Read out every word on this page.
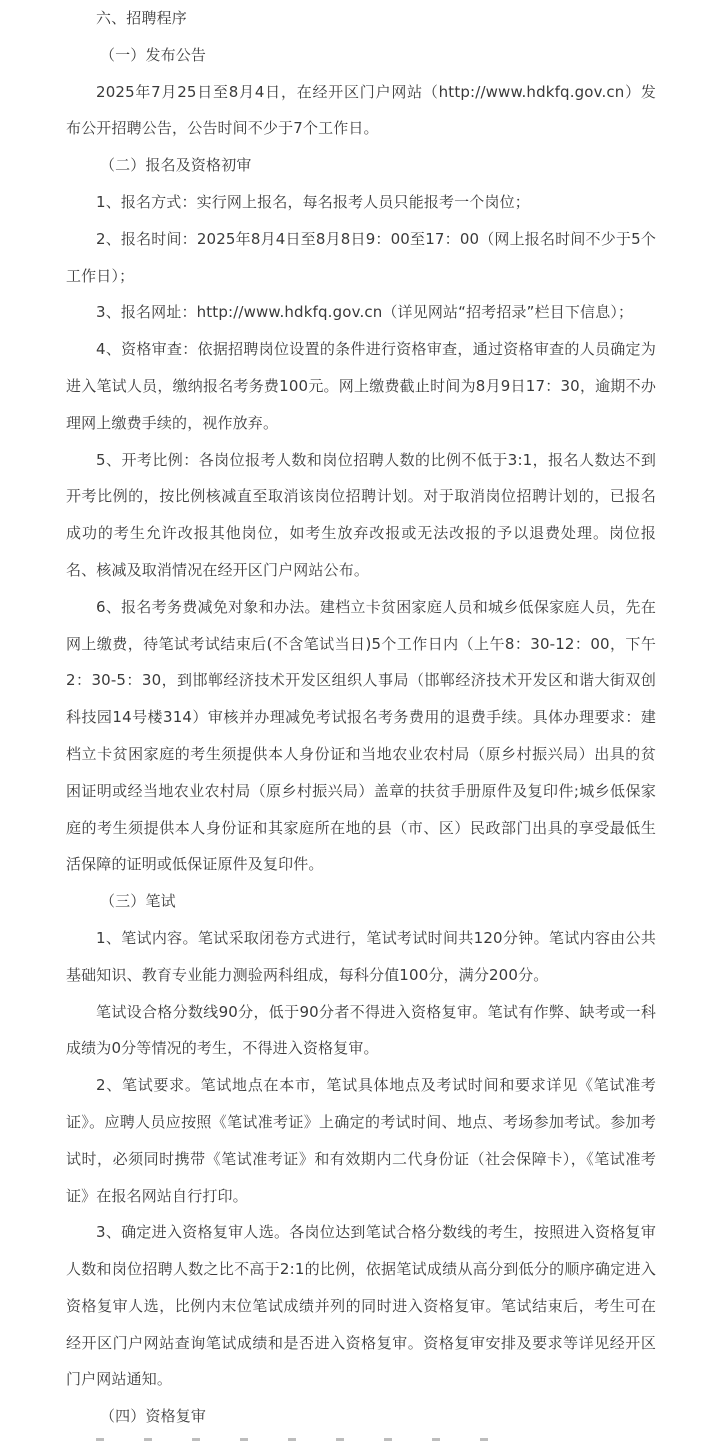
六、招聘程序

（一）发布公告

2025年7月25日至8月4日，在经开区门户网站（http://www.hdkfq.gov.cn）发布公开招聘公告，公告时间不少于7个工作日。

（二）报名及资格初审

1、报名方式：实行网上报名，每名报考人员只能报考一个岗位；

2、报名时间：2025年8月4日至8月8日9：00至17：00（网上报名时间不少于5个工作日）；

3、报名网址：http://www.hdkfq.gov.cn（详见网站“招考招录”栏目下信息）；

4、资格审查：依据招聘岗位设置的条件进行资格审查，通过资格审查的人员确定为进入笔试人员，缴纳报名考务费100元。网上缴费截止时间为8月9日17：30，逾期不办理网上缴费手续的，视作放弃。

5、开考比例：各岗位报考人数和岗位招聘人数的比例不低于3:1，报名人数达不到开考比例的，按比例核减直至取消该岗位招聘计划。对于取消岗位招聘计划的，已报名成功的考生允许改报其他岗位，如考生放弃改报或无法改报的予以退费处理。岗位报名、核减及取消情况在经开区门户网站公布。

6、报名考务费减免对象和办法。建档立卡贫困家庭人员和城乡低保家庭人员，先在网上缴费，待笔试考试结束后(不含笔试当日)5个工作日内（上午8：30-12：00，下午2：30-5：30，到邯郸经济技术开发区组织人事局（邯郸经济技术开发区和谐大街双创科技园14号楼314）审核并办理减免考试报名考务费用的退费手续。具体办理要求：建档立卡贫困家庭的考生须提供本人身份证和当地农业农村局（原乡村振兴局）出具的贫困证明或经当地农业农村局（原乡村振兴局）盖章的扶贫手册原件及复印件;城乡低保家庭的考生须提供本人身份证和其家庭所在地的县（市、区）民政部门出具的享受最低生活保障的证明或低保证原件及复印件。

（三）笔试

1、笔试内容。笔试采取闭卷方式进行，笔试考试时间共120分钟。笔试内容由公共基础知识、教育专业能力测验两科组成，每科分值100分，满分200分。

笔试设合格分数线90分，低于90分者不得进入资格复审。笔试有作弊、缺考或一科成绩为0分等情况的考生，不得进入资格复审。

2、笔试要求。笔试地点在本市，笔试具体地点及考试时间和要求详见《笔试准考证》。应聘人员应按照《笔试准考证》上确定的考试时间、地点、考场参加考试。参加考试时，必须同时携带《笔试准考证》和有效期内二代身份证（社会保障卡），《笔试准考证》在报名网站自行打印。

3、确定进入资格复审人选。各岗位达到笔试合格分数线的考生，按照进入资格复审人数和岗位招聘人数之比不高于2:1的比例，依据笔试成绩从高分到低分的顺序确定进入资格复审人选，比例内末位笔试成绩并列的同时进入资格复审。笔试结束后，考生可在经开区门户网站查询笔试成绩和是否进入资格复审。资格复审安排及要求等详见经开区门户网站通知。

（四）资格复审
